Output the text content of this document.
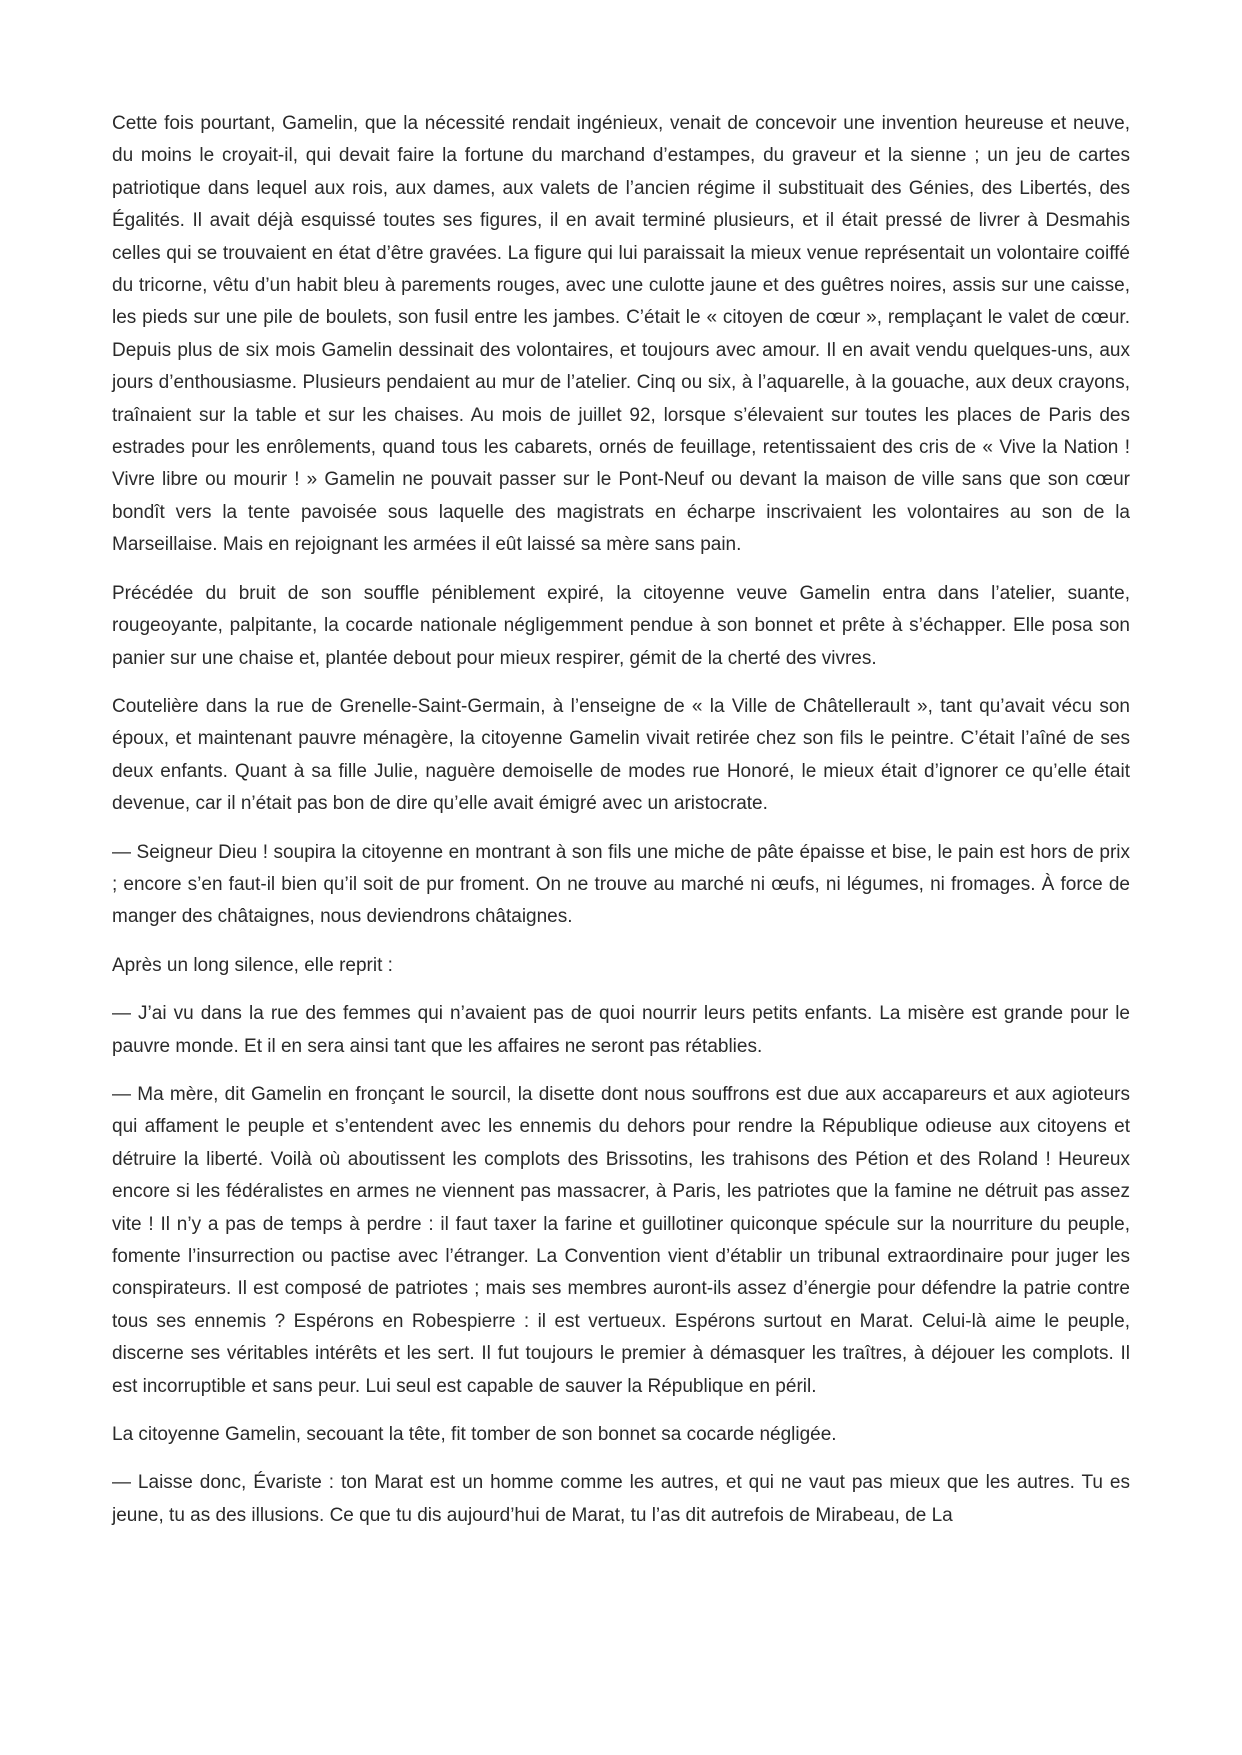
Cette fois pourtant, Gamelin, que la nécessité rendait ingénieux, venait de concevoir une invention heureuse et neuve, du moins le croyait-il, qui devait faire la fortune du marchand d’estampes, du graveur et la sienne ; un jeu de cartes patriotique dans lequel aux rois, aux dames, aux valets de l’ancien régime il substituait des Génies, des Libertés, des Égalités. Il avait déjà esquissé toutes ses figures, il en avait terminé plusieurs, et il était pressé de livrer à Desmahis celles qui se trouvaient en état d’être gravées. La figure qui lui paraissait la mieux venue représentait un volontaire coiffé du tricorne, vêtu d’un habit bleu à parements rouges, avec une culotte jaune et des guêtres noires, assis sur une caisse, les pieds sur une pile de boulets, son fusil entre les jambes. C’était le « citoyen de cœur », remplaçant le valet de cœur. Depuis plus de six mois Gamelin dessinait des volontaires, et toujours avec amour. Il en avait vendu quelques-uns, aux jours d’enthousiasme. Plusieurs pendaient au mur de l’atelier. Cinq ou six, à l’aquarelle, à la gouache, aux deux crayons, traînaient sur la table et sur les chaises. Au mois de juillet 92, lorsque s’élevaient sur toutes les places de Paris des estrades pour les enrôlements, quand tous les cabarets, ornés de feuillage, retentissaient des cris de « Vive la Nation ! Vivre libre ou mourir ! » Gamelin ne pouvait passer sur le Pont-Neuf ou devant la maison de ville sans que son cœur bondît vers la tente pavoisée sous laquelle des magistrats en écharpe inscrivaient les volontaires au son de la Marseillaise. Mais en rejoignant les armées il eût laissé sa mère sans pain.

Précédée du bruit de son souffle péniblement expiré, la citoyenne veuve Gamelin entra dans l’atelier, suante, rougeoyante, palpitante, la cocarde nationale négligemment pendue à son bonnet et prête à s’échapper. Elle posa son panier sur une chaise et, plantée debout pour mieux respirer, gémit de la cherté des vivres.

Coutelière dans la rue de Grenelle-Saint-Germain, à l’enseigne de « la Ville de Châtellerault », tant qu’avait vécu son époux, et maintenant pauvre ménagère, la citoyenne Gamelin vivait retirée chez son fils le peintre. C’était l’aîné de ses deux enfants. Quant à sa fille Julie, naguère demoiselle de modes rue Honoré, le mieux était d’ignorer ce qu’elle était devenue, car il n’était pas bon de dire qu’elle avait émigré avec un aristocrate.

— Seigneur Dieu ! soupira la citoyenne en montrant à son fils une miche de pâte épaisse et bise, le pain est hors de prix ; encore s’en faut-il bien qu’il soit de pur froment. On ne trouve au marché ni œufs, ni légumes, ni fromages. À force de manger des châtaignes, nous deviendrons châtaignes.

Après un long silence, elle reprit :

— J’ai vu dans la rue des femmes qui n’avaient pas de quoi nourrir leurs petits enfants. La misère est grande pour le pauvre monde. Et il en sera ainsi tant que les affaires ne seront pas rétablies.

— Ma mère, dit Gamelin en fronçant le sourcil, la disette dont nous souffrons est due aux accapareurs et aux agioteurs qui affament le peuple et s’entendent avec les ennemis du dehors pour rendre la République odieuse aux citoyens et détruire la liberté. Voilà où aboutissent les complots des Brissotins, les trahisons des Pétion et des Roland ! Heureux encore si les fédéralistes en armes ne viennent pas massacrer, à Paris, les patriotes que la famine ne détruit pas assez vite ! Il n’y a pas de temps à perdre : il faut taxer la farine et guillotiner quiconque spécule sur la nourriture du peuple, fomente l’insurrection ou pactise avec l’étranger. La Convention vient d’établir un tribunal extraordinaire pour juger les conspirateurs. Il est composé de patriotes ; mais ses membres auront-ils assez d’énergie pour défendre la patrie contre tous ses ennemis ? Espérons en Robespierre : il est vertueux. Espérons surtout en Marat. Celui-là aime le peuple, discerne ses véritables intérêts et les sert. Il fut toujours le premier à démasquer les traîtres, à déjouer les complots. Il est incorruptible et sans peur. Lui seul est capable de sauver la République en péril.

La citoyenne Gamelin, secouant la tête, fit tomber de son bonnet sa cocarde négligée.

— Laisse donc, Évariste : ton Marat est un homme comme les autres, et qui ne vaut pas mieux que les autres. Tu es jeune, tu as des illusions. Ce que tu dis aujourd’hui de Marat, tu l’as dit autrefois de Mirabeau, de La
